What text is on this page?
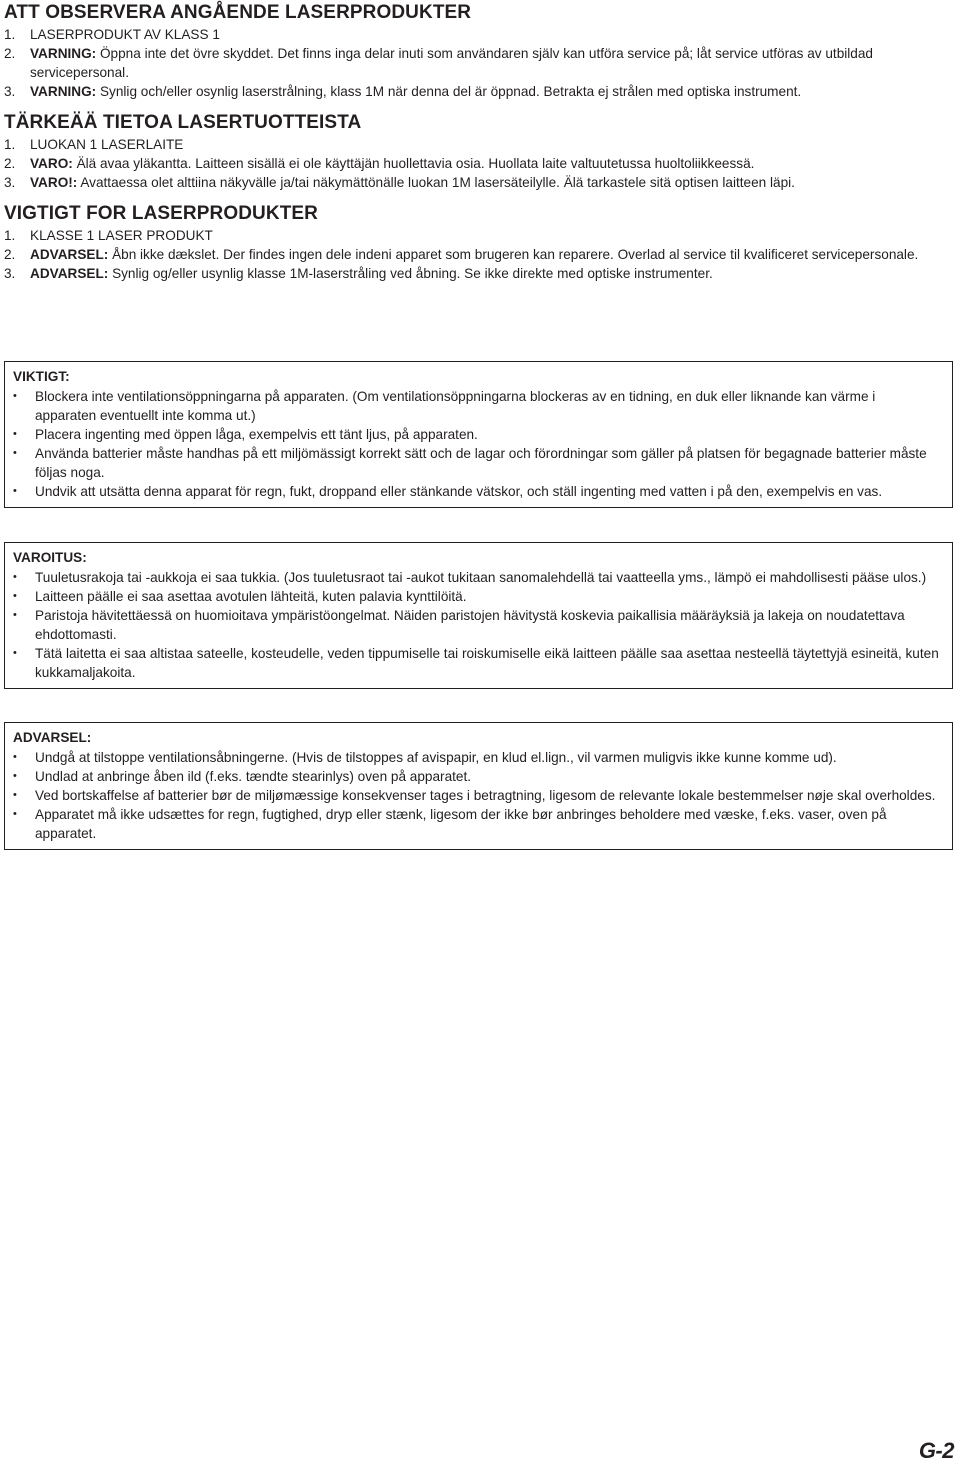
ATT OBSERVERA ANGÅENDE LASERPRODUKTER
1.	LASERPRODUKT AV KLASS 1
2.	VARNING: Öppna inte det övre skyddet. Det finns inga delar inuti som användaren själv kan utföra service på; låt service utföras av utbildad servicepersonal.
3.	VARNING: Synlig och/eller osynlig laserstrålning, klass 1M när denna del är öppnad. Betrakta ej strålen med optiska instrument.
TÄRKEÄÄ TIETOA LASERTUOTTEISTA
1.	LUOKAN 1 LASERLAITE
2.	VARO: Älä avaa yläkantta. Laitteen sisällä ei ole käyttäjän huollettavia osia. Huollata laite valtuutetussa huoltoliikkeessä.
3.	VARO!: Avattaessa olet alttiina näkyvälle ja/tai näkymättönälle luokan 1M lasersäteilylle. Älä tarkastele sitä optisen laitteen läpi.
VIGTIGT FOR LASERPRODUKTER
1.	KLASSE 1 LASER PRODUKT
2.	ADVARSEL: Åbn ikke dækslet. Der findes ingen dele indeni apparet som brugeren kan reparere. Overlad al service til kvalificeret servicepersonale.
3.	ADVARSEL: Synlig og/eller usynlig klasse 1M-laserstråling ved åbning. Se ikke direkte med optiske instrumenter.
VIKTIGT:
•	Blockera inte ventilationsöppningarna på apparaten. (Om ventilationsöppningarna blockeras av en tidning, en duk eller liknande kan värme i apparaten eventuellt inte komma ut.)
•	Placera ingenting med öppen låga, exempelvis ett tänt ljus, på apparaten.
•	Använda batterier måste handhas på ett miljömässigt korrekt sätt och de lagar och förordningar som gäller på platsen för begagnade batterier måste följas noga.
•	Undvik att utsätta denna apparat för regn, fukt, droppand eller stänkande vätskor, och ställ ingenting med vatten i på den, exempelvis en vas.
VAROITUS:
•	Tuuletusrakoja tai -aukkoja ei saa tukkia. (Jos tuuletusraot tai -aukot tukitaan sanomalehdellä tai vaatteella yms., lämpö ei mahdollisesti pääse ulos.)
•	Laitteen päälle ei saa asettaa avotulen lähteitä, kuten palavia kynttilöitä.
•	Paristoja hävitettäessä on huomioitava ympäristöongelmat. Näiden paristojen hävitystä koskevia paikallisia määräyksiä ja lakeja on noudatettava ehdottomasti.
•	Tätä laitetta ei saa altistaa sateelle, kosteudelle, veden tippumiselle tai roiskumiselle eikä laitteen päälle saa asettaa nesteellä täytettyjä esineitä, kuten kukkamaljakoita.
ADVARSEL:
•	Undgå at tilstoppe ventilationsåbningerne. (Hvis de tilstoppes af avispapir, en klud el.lign., vil varmen muligvis ikke kunne komme ud).
•	Undlad at anbringe åben ild (f.eks. tændte stearinlys) oven på apparatet.
•	Ved bortskaffelse af batterier bør de miljømæssige konsekvenser tages i betragtning, ligesom de relevante lokale bestemmelser nøje skal overholdes.
•	Apparatet må ikke udsættes for regn, fugtighed, dryp eller stænk, ligesom der ikke bør anbringes beholdere med væske, f.eks. vaser, oven på apparatet.
G-2
